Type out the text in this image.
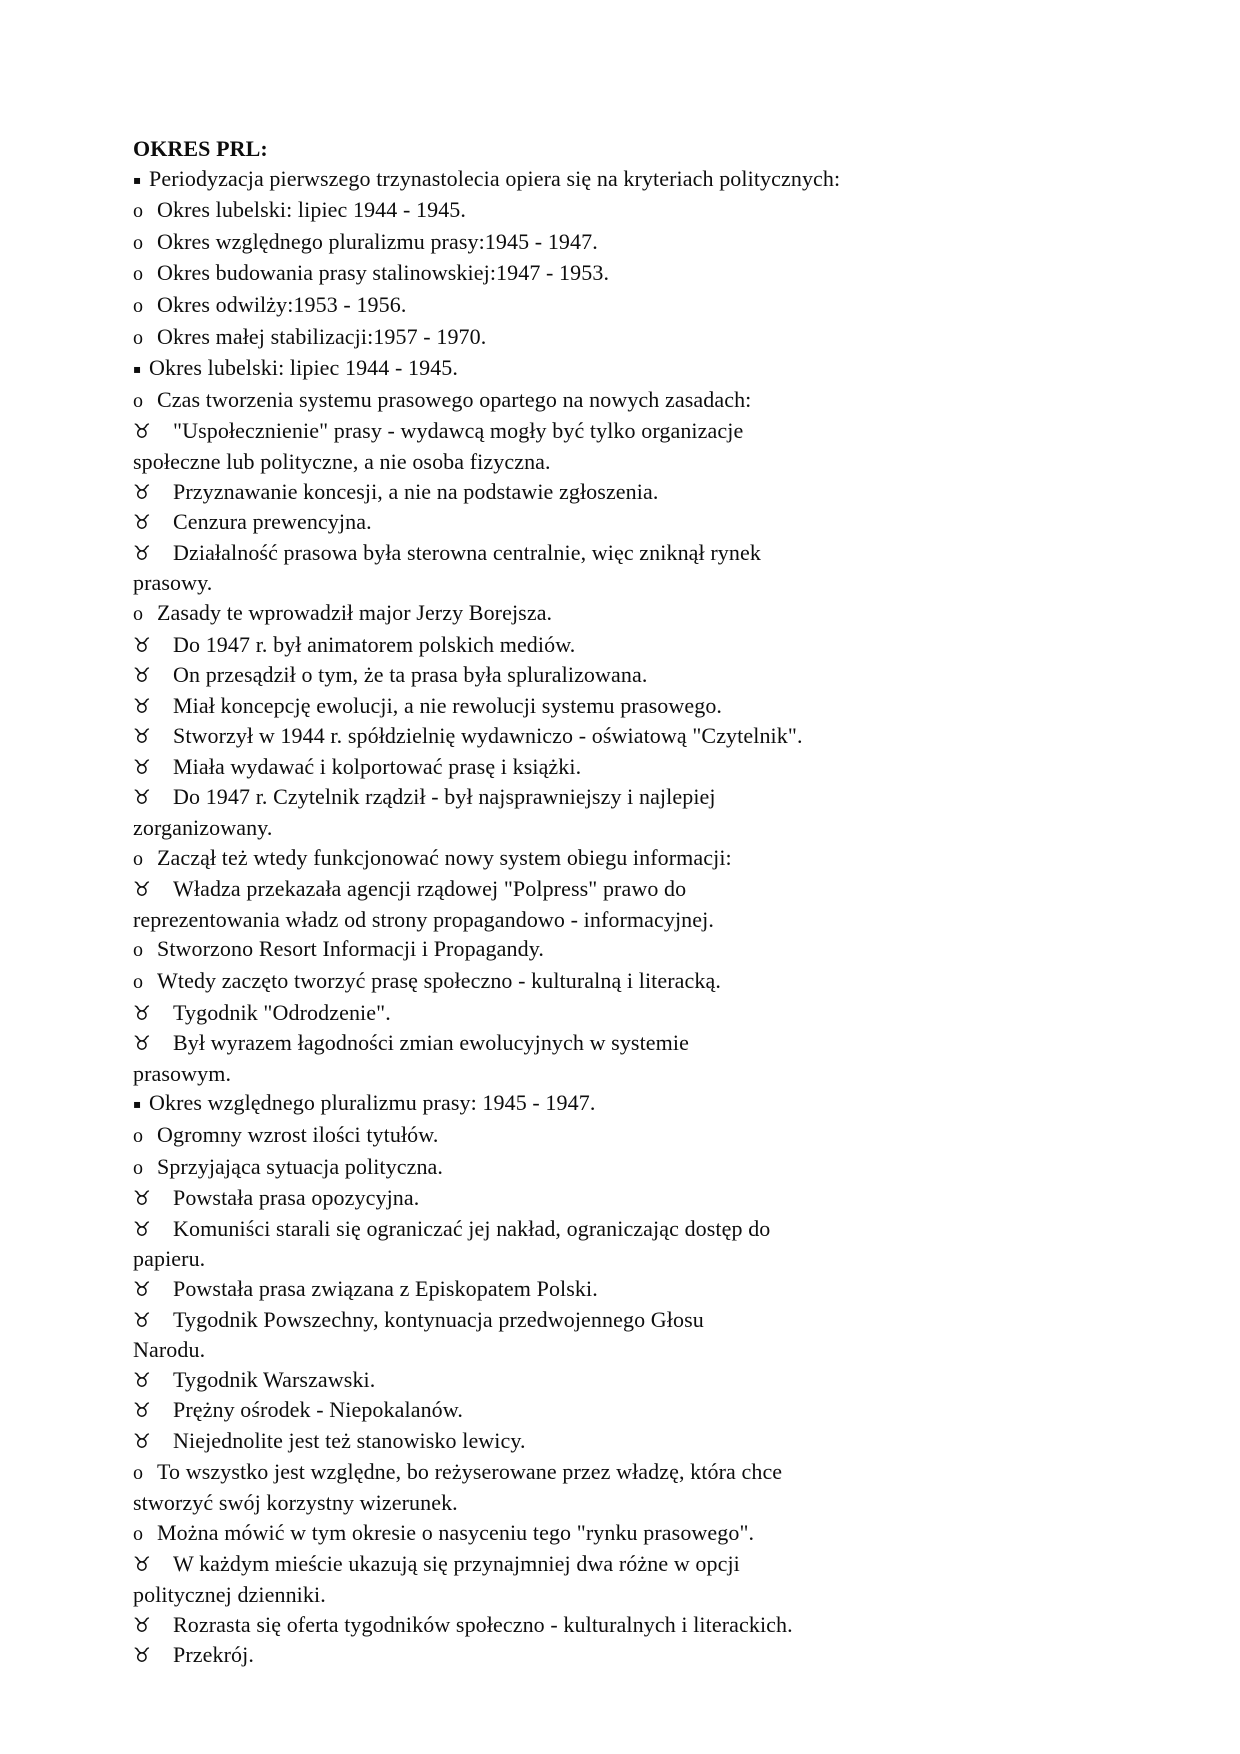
OKRES PRL:
▪ Periodyzacja pierwszego trzynastolecia opiera się na kryteriach politycznych:
o Okres lubelski: lipiec 1944 - 1945.
o Okres względnego pluralizmu prasy:1945 - 1947.
o Okres budowania prasy stalinowskiej:1947 - 1953.
o Okres odwilży:1953 - 1956.
o Okres małej stabilizacji:1957 - 1970.
▪ Okres lubelski: lipiec 1944 - 1945.
o Czas tworzenia systemu prasowego opartego na nowych zasadach:
♉ "Uspołecznienie" prasy - wydawcą mogły być tylko organizacje
społeczne lub polityczne, a nie osoba fizyczna.
♉ Przyznawanie koncesji, a nie na podstawie zgłoszenia.
♉ Cenzura prewencyjna.
♉ Działalność prasowa była sterowna centralnie, więc zniknął rynek
prasowy.
o Zasady te wprowadził major Jerzy Borejsza.
♉ Do 1947 r. był animatorem polskich mediów.
♉ On przesądził o tym, że ta prasa była spluralizowana.
♉ Miał koncepcję ewolucji, a nie rewolucji systemu prasowego.
♉ Stworzył w 1944 r. spółdzielnię wydawniczo - oświatową "Czytelnik".
♉ Miała wydawać i kolportować prasę i książki.
♉ Do 1947 r. Czytelnik rządził - był najsprawniejszy i najlepiej
zorganizowany.
o Zaczął też wtedy funkcjonować nowy system obiegu informacji:
♉ Władza przekazała agencji rządowej "Polpress" prawo do
reprezentowania władz od strony propagandowo - informacyjnej.
o Stworzono Resort Informacji i Propagandy.
o Wtedy zaczęto tworzyć prasę społeczno - kulturalną i literacką.
♉ Tygodnik "Odrodzenie".
♉ Był wyrazem łagodności zmian ewolucyjnych w systemie
prasowym.
▪ Okres względnego pluralizmu prasy: 1945 - 1947.
o Ogromny wzrost ilości tytułów.
o Sprzyjająca sytuacja polityczna.
♉ Powstała prasa opozycyjna.
♉ Komuniści starali się ograniczać jej nakład, ograniczając dostęp do
papieru.
♉ Powstała prasa związana z Episkopatem Polski.
♉ Tygodnik Powszechny, kontynuacja przedwojennego Głosu
Narodu.
♉ Tygodnik Warszawski.
♉ Prężny ośrodek - Niepokalanów.
♉ Niejednolite jest też stanowisko lewicy.
o To wszystko jest względne, bo reżyserowane przez władzę, która chce
stworzyć swój korzystny wizerunek.
o Można mówić w tym okresie o nasyceniu tego "rynku prasowego".
♉ W każdym mieście ukazują się przynajmniej dwa różne w opcji
politycznej dzienniki.
♉ Rozrasta się oferta tygodników społeczno - kulturalnych i literackich.
♉ Przekrój.
